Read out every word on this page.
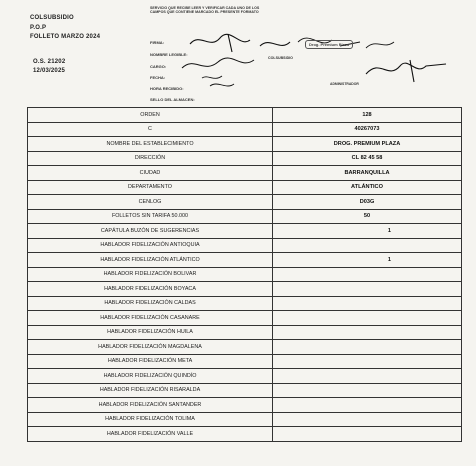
COLSUBSIDIO
P.O.P
FOLLETO MARZO 2024
O.S. 21202
12/03/2025
SERVICIO QUE RECIBE LEER Y VERIFICAR CADA UNO DE LOS CAMPOS QUE CONTIENE MARCADO EL PRESENTE FORMATO
FIRMA:
NOMBRE LEGIBLE:
CARGO:
FECHA:
HORA RECIBIDO:
SELLO DEL ALMACEN:
Drog. Premium Plaza
COLSUBSIDIO
ADMINISTRADOR
ORDEN	128
C	40267073
NOMBRE DEL ESTABLECIMIENTO	DROG. PREMIUM PLAZA
DIRECCIÓN	CL 82 45 58
CIUDAD	BARRANQUILLA
DEPARTAMENTO	ATLÁNTICO
CENLOG	D03G
FOLLETOS SIN TARIFA 50.000	50
CAPÁTULA BUZÓN DE SUGERENCIAS	1
HABLADOR FIDELIZACIÓN ANTIOQUIA	
HABLADOR FIDELIZACIÓN ATLÁNTICO	1
HABLADOR FIDELIZACIÓN BOLIVAR	
HABLADOR FIDELIZACIÓN BOYACA	
HABLADOR FIDELIZACIÓN CALDAS	
HABLADOR FIDELIZACIÓN CASANARE	
HABLADOR FIDELIZACIÓN HUILA	
HABLADOR FIDELIZACIÓN MAGDALENA	
HABLADOR FIDELIZACIÓN META	
HABLADOR FIDELIZACIÓN QUINDÍO	
HABLADOR FIDELIZACIÓN RISARALDA	
HABLADOR FIDELIZACIÓN SANTANDER	
HABLADOR FIDELIZACIÓN TOLIMA	
HABLADOR FIDELIZACIÓN VALLE	
